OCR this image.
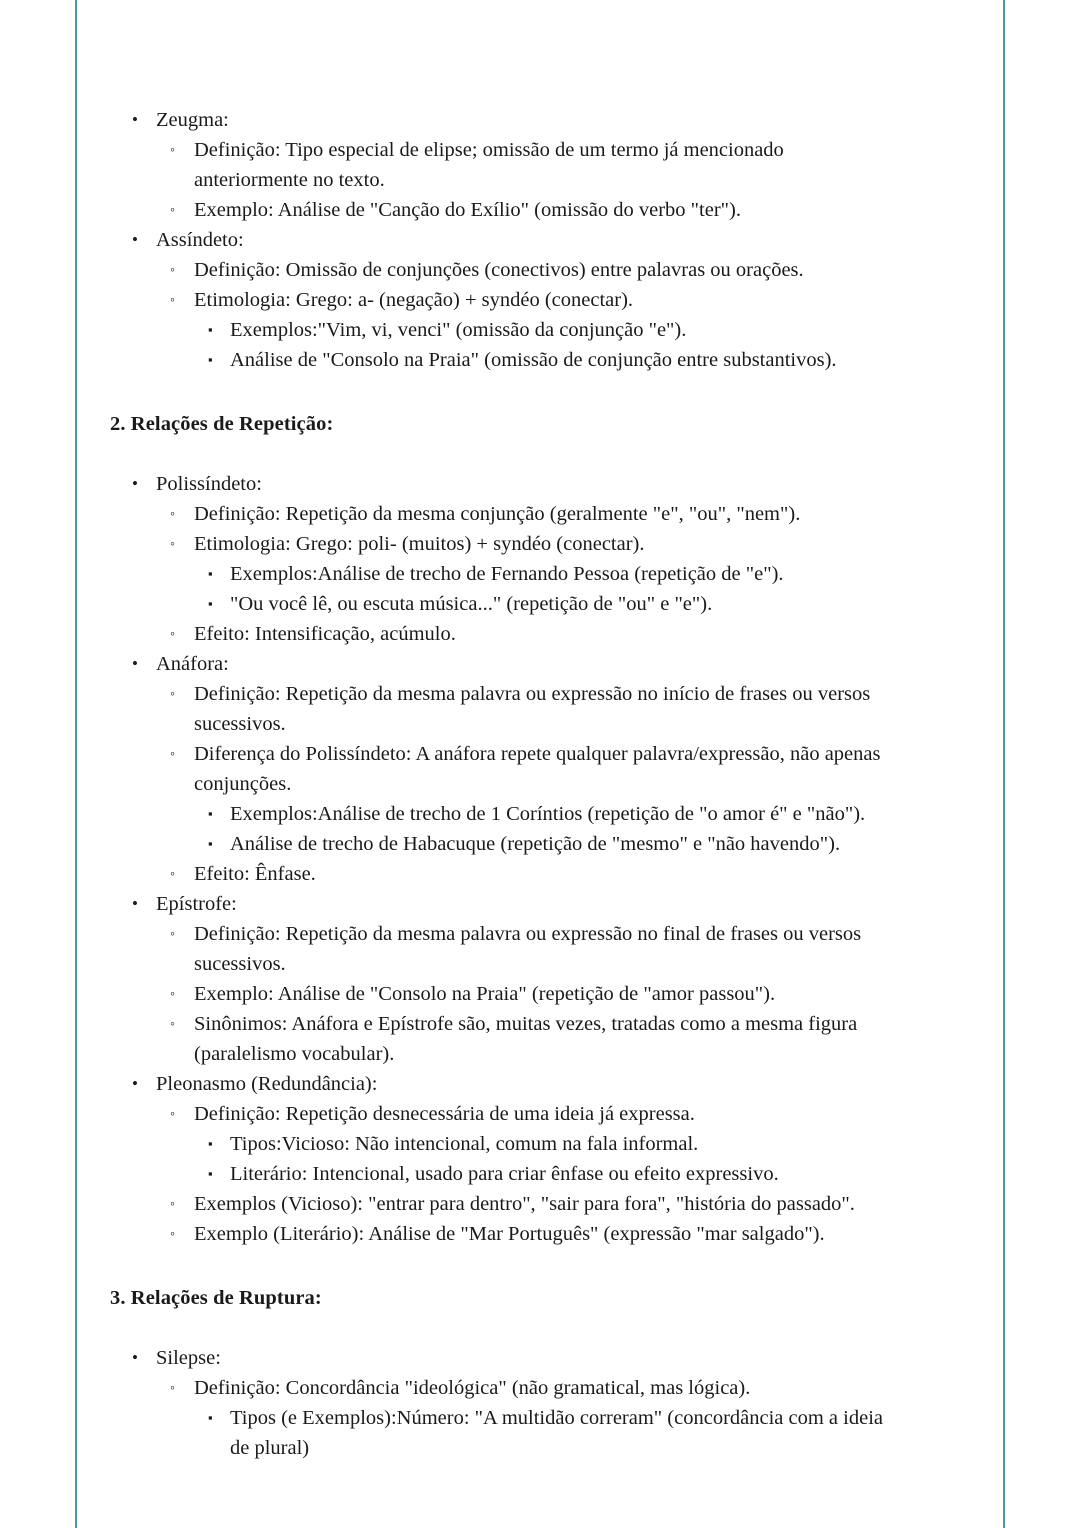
• Zeugma:
◦ Definição: Tipo especial de elipse; omissão de um termo já mencionado anteriormente no texto.
◦ Exemplo: Análise de "Canção do Exílio" (omissão do verbo "ter").
• Assíndeto:
◦ Definição: Omissão de conjunções (conectivos) entre palavras ou orações.
◦ Etimologia: Grego: a- (negação) + syndéo (conectar).
▪ Exemplos:"Vim, vi, venci" (omissão da conjunção "e").
▪ Análise de "Consolo na Praia" (omissão de conjunção entre substantivos).
2. Relações de Repetição:
• Polissíndeto:
◦ Definição: Repetição da mesma conjunção (geralmente "e", "ou", "nem").
◦ Etimologia: Grego: poli- (muitos) + syndéo (conectar).
▪ Exemplos:Análise de trecho de Fernando Pessoa (repetição de "e").
▪ "Ou você lê, ou escuta música..." (repetição de "ou" e "e").
◦ Efeito: Intensificação, acúmulo.
• Anáfora:
◦ Definição: Repetição da mesma palavra ou expressão no início de frases ou versos sucessivos.
◦ Diferença do Polissíndeto: A anáfora repete qualquer palavra/expressão, não apenas conjunções.
▪ Exemplos:Análise de trecho de 1 Coríntios (repetição de "o amor é" e "não").
▪ Análise de trecho de Habacuque (repetição de "mesmo" e "não havendo").
◦ Efeito: Ênfase.
• Epístrofe:
◦ Definição: Repetição da mesma palavra ou expressão no final de frases ou versos sucessivos.
◦ Exemplo: Análise de "Consolo na Praia" (repetição de "amor passou").
◦ Sinônimos: Anáfora e Epístrofe são, muitas vezes, tratadas como a mesma figura (paralelismo vocabular).
• Pleonasmo (Redundância):
◦ Definição: Repetição desnecessária de uma ideia já expressa.
▪ Tipos:Vicioso: Não intencional, comum na fala informal.
▪ Literário: Intencional, usado para criar ênfase ou efeito expressivo.
◦ Exemplos (Vicioso): "entrar para dentro", "sair para fora", "história do passado".
◦ Exemplo (Literário): Análise de "Mar Português" (expressão "mar salgado").
3. Relações de Ruptura:
• Silepse:
◦ Definição: Concordância "ideológica" (não gramatical, mas lógica).
▪ Tipos (e Exemplos):Número: "A multidão correram" (concordância com a ideia de plural)
